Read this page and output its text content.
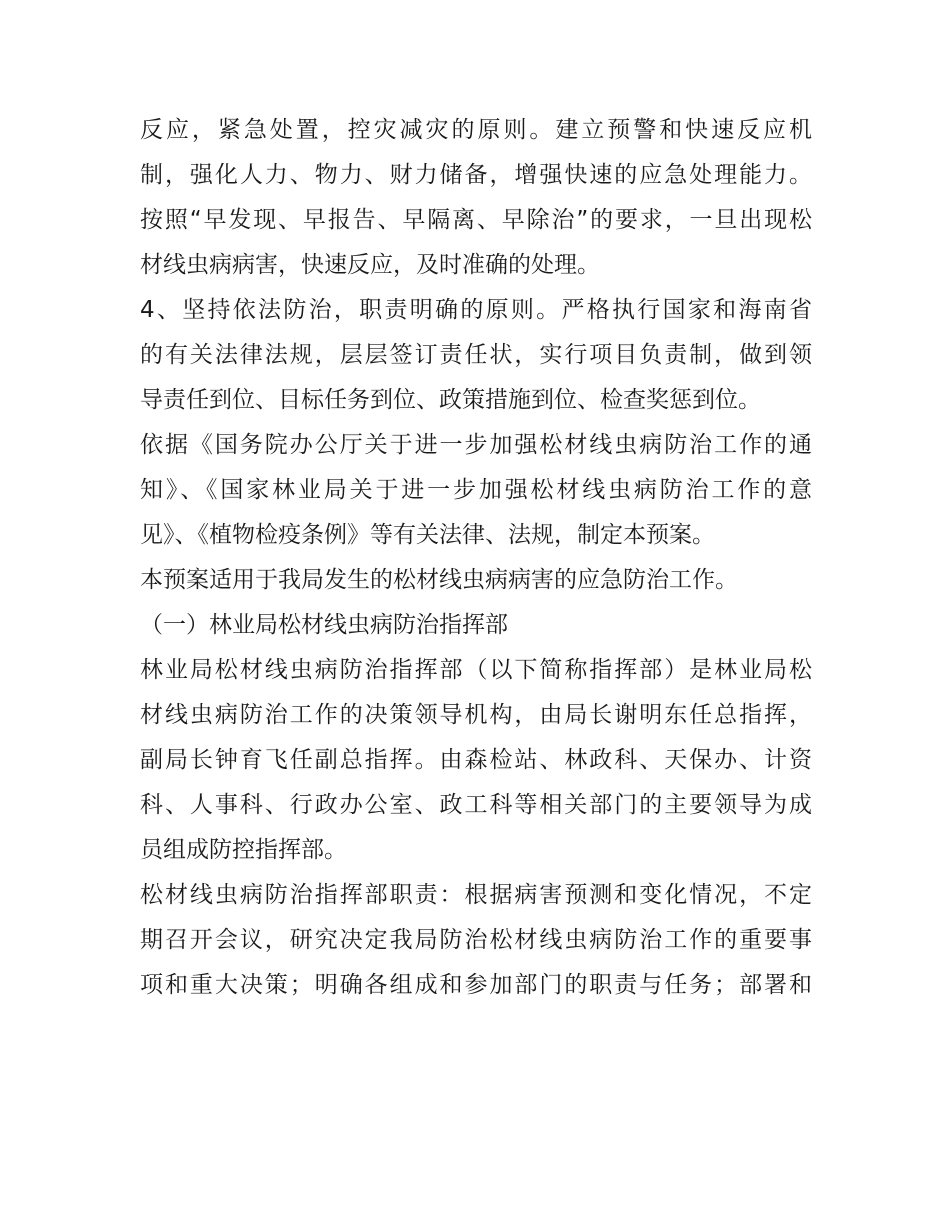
反应，紧急处置，控灾减灾的原则。建立预警和快速反应机
制，强化人力、物力、财力储备，增强快速的应急处理能力。
按照“早发现、早报告、早隔离、早除治”的要求，一旦出现松
材线虫病病害，快速反应，及时准确的处理。
4、坚持依法防治，职责明确的原则。严格执行国家和海南省
的有关法律法规，层层签订责任状，实行项目负责制，做到领
导责任到位、目标任务到位、政策措施到位、检查奖惩到位。
依据《国务院办公厅关于进一步加强松材线虫病防治工作的通
知》、《国家林业局关于进一步加强松材线虫病防治工作的意
见》、《植物检疫条例》等有关法律、法规，制定本预案。
本预案适用于我局发生的松材线虫病病害的应急防治工作。
（一）林业局松材线虫病防治指挥部
林业局松材线虫病防治指挥部（以下简称指挥部）是林业局松
材线虫病防治工作的决策领导机构，由局长谢明东任总指挥，
副局长钟育飞任副总指挥。由森检站、林政科、天保办、计资
科、人事科、行政办公室、政工科等相关部门的主要领导为成
员组成防控指挥部。
松材线虫病防治指挥部职责：根据病害预测和变化情况，不定
期召开会议，研究决定我局防治松材线虫病防治工作的重要事
项和重大决策；明确各组成和参加部门的职责与任务；部署和
